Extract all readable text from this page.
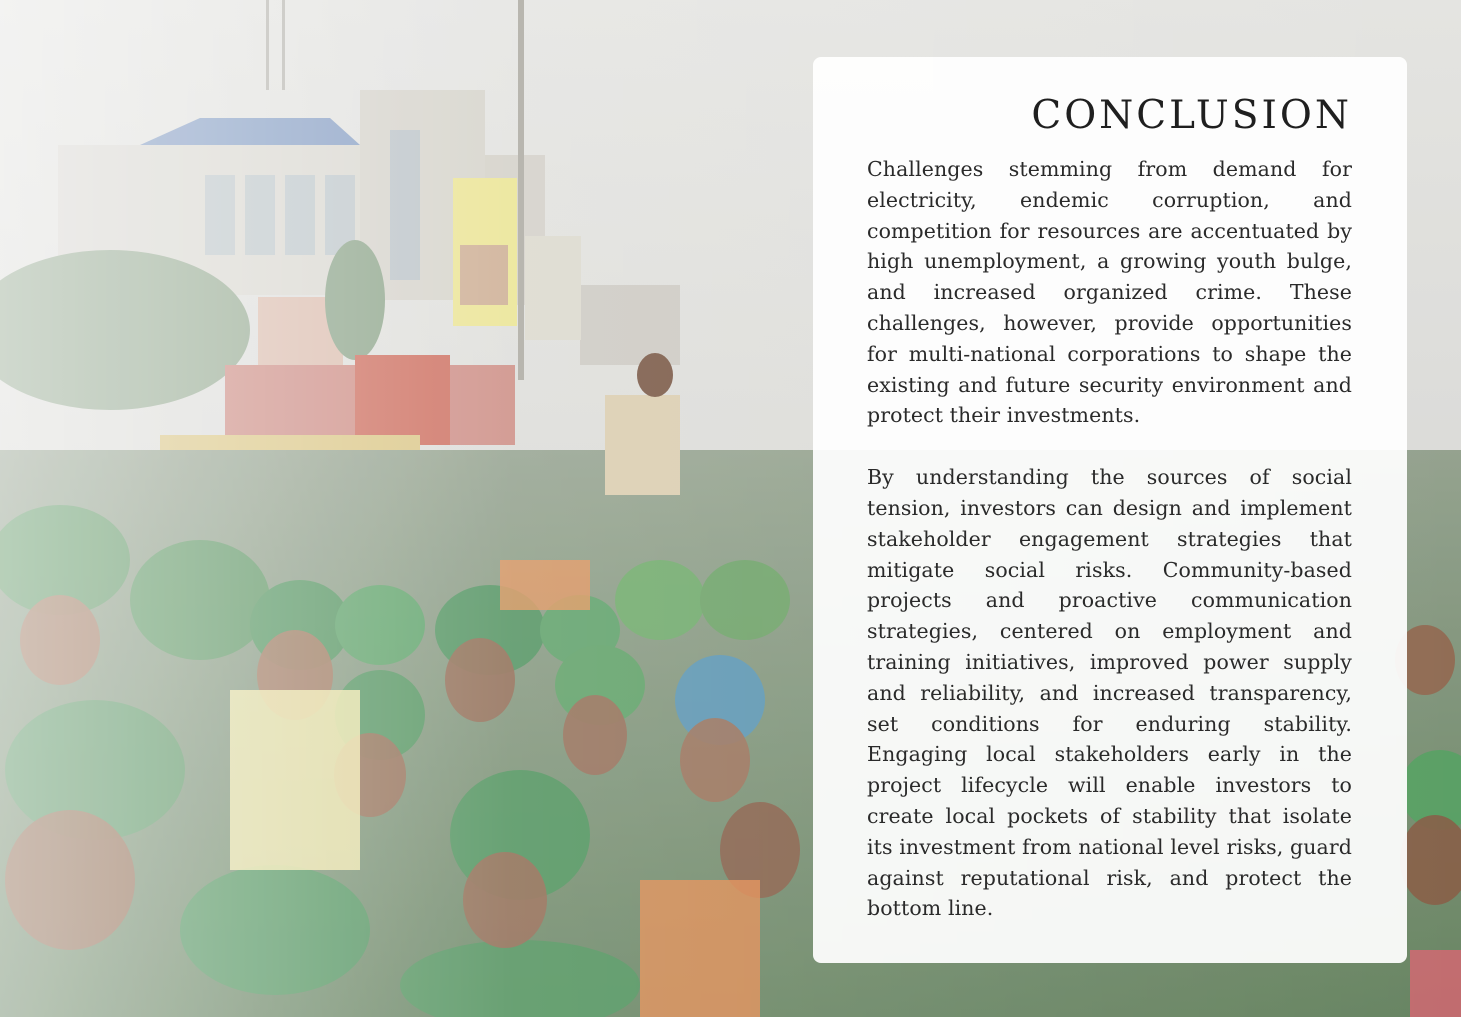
CONCLUSION

Challenges stemming from demand for electricity, endemic corruption, and competition for resources are accentuated by high unemployment, a growing youth bulge, and increased organized crime. These challenges, however, provide opportunities for multi-national corporations to shape the existing and future security environment and protect their investments.

By understanding the sources of social tension, investors can design and implement stakeholder engagement strategies that mitigate social risks. Community-based projects and proactive communication strategies, centered on employment and training initiatives, improved power supply and reliability, and increased transparency, set conditions for enduring stability. Engaging local stakeholders early in the project lifecycle will enable investors to create local pockets of stability that isolate its investment from national level risks, guard against reputational risk, and protect the bottom line.
